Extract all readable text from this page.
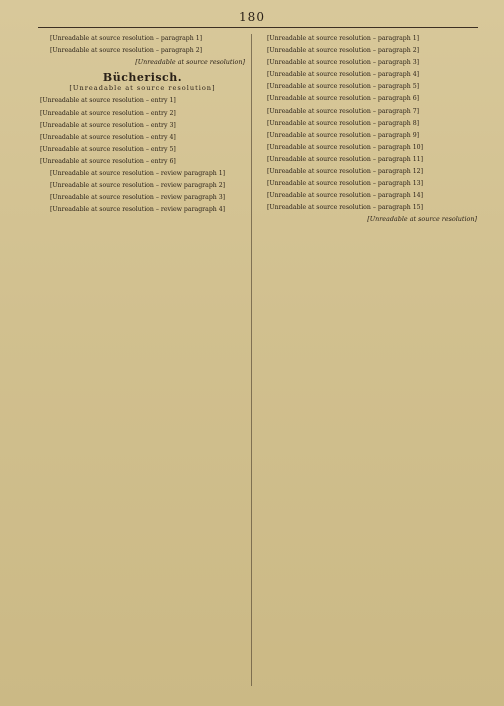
180

[Unreadable at source resolution – paragraph 1]

[Unreadable at source resolution – paragraph 2]

[Unreadable at source resolution]
Bücherisch.
[Unreadable at source resolution]

[Unreadable at source resolution – entry 1]

[Unreadable at source resolution – entry 2]

[Unreadable at source resolution – entry 3]

[Unreadable at source resolution – entry 4]

[Unreadable at source resolution – entry 5]

[Unreadable at source resolution – entry 6]

[Unreadable at source resolution – review paragraph 1]

[Unreadable at source resolution – review paragraph 2]

[Unreadable at source resolution – review paragraph 3]

[Unreadable at source resolution – review paragraph 4]

[Unreadable at source resolution – paragraph 1]

[Unreadable at source resolution – paragraph 2]

[Unreadable at source resolution – paragraph 3]

[Unreadable at source resolution – paragraph 4]

[Unreadable at source resolution – paragraph 5]

[Unreadable at source resolution – paragraph 6]

[Unreadable at source resolution – paragraph 7]

[Unreadable at source resolution – paragraph 8]

[Unreadable at source resolution – paragraph 9]

[Unreadable at source resolution – paragraph 10]

[Unreadable at source resolution – paragraph 11]

[Unreadable at source resolution – paragraph 12]

[Unreadable at source resolution – paragraph 13]

[Unreadable at source resolution – paragraph 14]

[Unreadable at source resolution – paragraph 15]

[Unreadable at source resolution]
